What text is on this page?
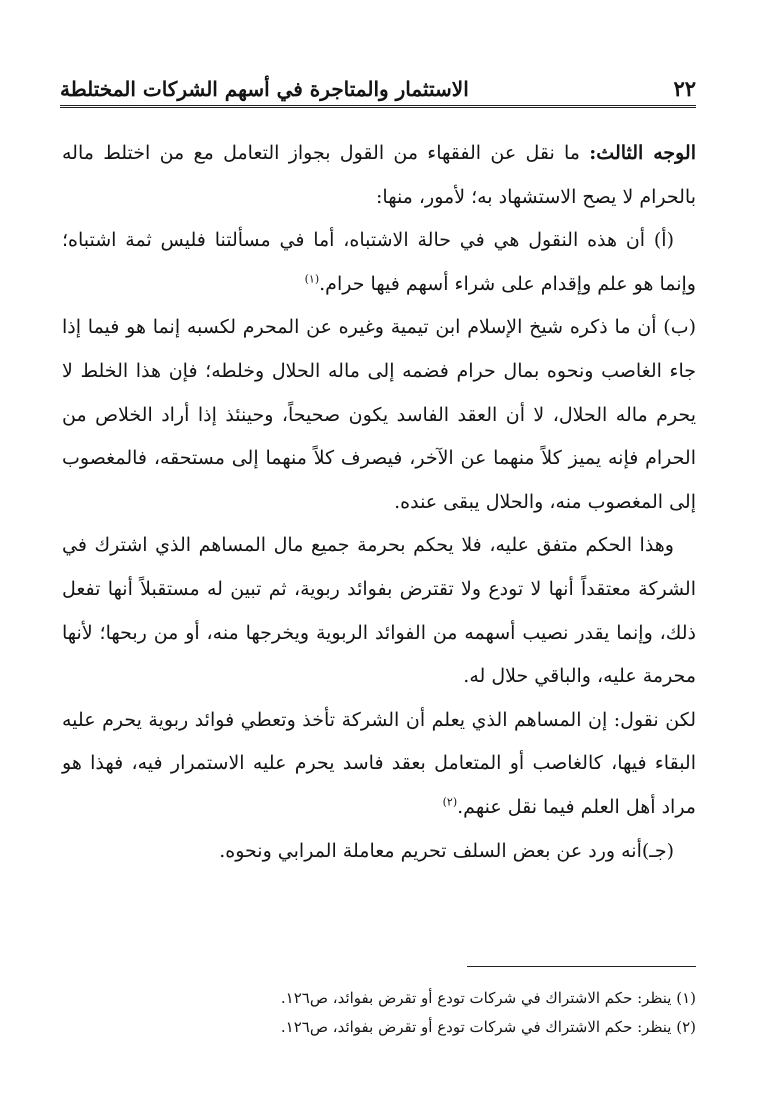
٢٢
الاستثمار والمتاجرة في أسهم الشركات المختلطة

الوجه الثالث: ما نقل عن الفقهاء من القول بجواز التعامل مع من اختلط ماله بالحرام لا يصح الاستشهاد به؛ لأمور، منها:

(أ) أن هذه النقول هي في حالة الاشتباه، أما في مسألتنا فليس ثمة اشتباه؛ وإنما هو علم وإقدام على شراء أسهم فيها حرام.$^{(١)}$

(ب) أن ما ذكره شيخ الإسلام ابن تيمية وغيره عن المحرم لكسبه إنما هو فيما إذا جاء الغاصب ونحوه بمال حرام فضمه إلى ماله الحلال وخلطه؛ فإن هذا الخلط لا يحرم ماله الحلال، لا أن العقد الفاسد يكون صحيحاً، وحينئذ إذا أراد الخلاص من الحرام فإنه يميز كلاً منهما عن الآخر، فيصرف كلاً منهما إلى مستحقه، فالمغصوب إلى المغصوب منه، والحلال يبقى عنده.

وهذا الحكم متفق عليه، فلا يحكم بحرمة جميع مال المساهم الذي اشترك في الشركة معتقداً أنها لا تودع ولا تقترض بفوائد ربوية، ثم تبين له مستقبلاً أنها تفعل ذلك، وإنما يقدر نصيب أسهمه من الفوائد الربوية ويخرجها منه، أو من ربحها؛ لأنها محرمة عليه، والباقي حلال له.

لكن نقول: إن المساهم الذي يعلم أن الشركة تأخذ وتعطي فوائد ربوية يحرم عليه البقاء فيها، كالغاصب أو المتعامل بعقد فاسد يحرم عليه الاستمرار فيه، فهذا هو مراد أهل العلم فيما نقل عنهم.$^{(٢)}$

(جـ)أنه ورد عن بعض السلف تحريم معاملة المرابي ونحوه.

(١) ينظر: حكم الاشتراك في شركات تودع أو تقرض بفوائد، ص١٢٦.

(٢) ينظر: حكم الاشتراك في شركات تودع أو تقرض بفوائد، ص١٢٦.
